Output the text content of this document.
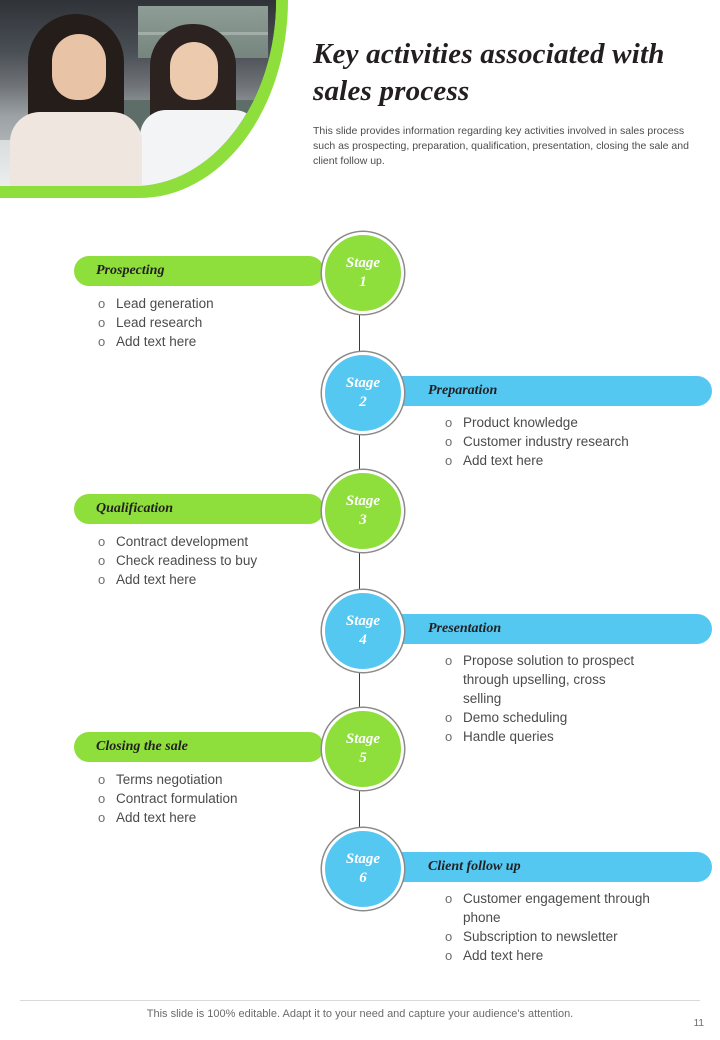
Key activities associated with sales process
This slide provides information regarding key activities involved in sales process such as prospecting, preparation, qualification, presentation, closing the sale and client follow up.
Prospecting	Stage
1
o Lead generation
o Lead research
o Add text here
Preparation
Stage
2
o Product knowledge
o Customer industry research
o Add text here
Qualification	Stage
3
o Contract development
o Check readiness to buy
o Add text here
Presentation
Stage
4
o Propose solution to prospect through upselling, cross selling
o Demo scheduling
o Handle queries
Closing the sale	Stage
5
o Terms negotiation
o Contract formulation
o Add text here
Client follow up
Stage
6
o Customer engagement through phone
o Subscription to newsletter
o Add text here
This slide is 100% editable. Adapt it to your need and capture your audience's attention.
11
